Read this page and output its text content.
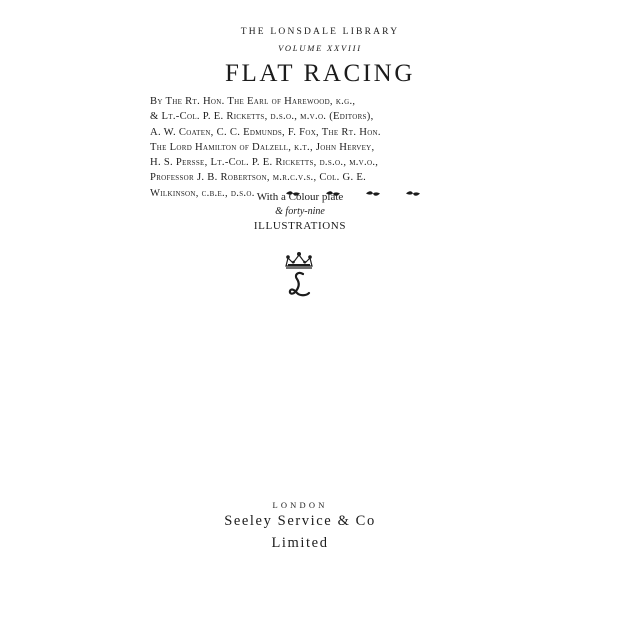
THE LONSDALE LIBRARY
VOLUME XXVIII
FLAT RACING
By The Rt. Hon. The Earl of Harewood, k.g.,
& Lt.-Col. P. E. Ricketts, d.s.o., m.v.o. (Editors),
A. W. Coaten, C. C. Edmunds, F. Fox, The Rt. Hon.
The Lord Hamilton of Dalzell, k.t., John Hervey,
H. S. Persse, Lt.-Col. P. E. Ricketts, d.s.o., m.v.o.,
Professor J. B. Robertson, m.r.c.v.s., Col. G. E.
Wilkinson, c.b.e., d.s.o. With a Colour plate
& forty-nine
ILLUSTRATIONS
LONDON
Seeley Service & Co
Limited
